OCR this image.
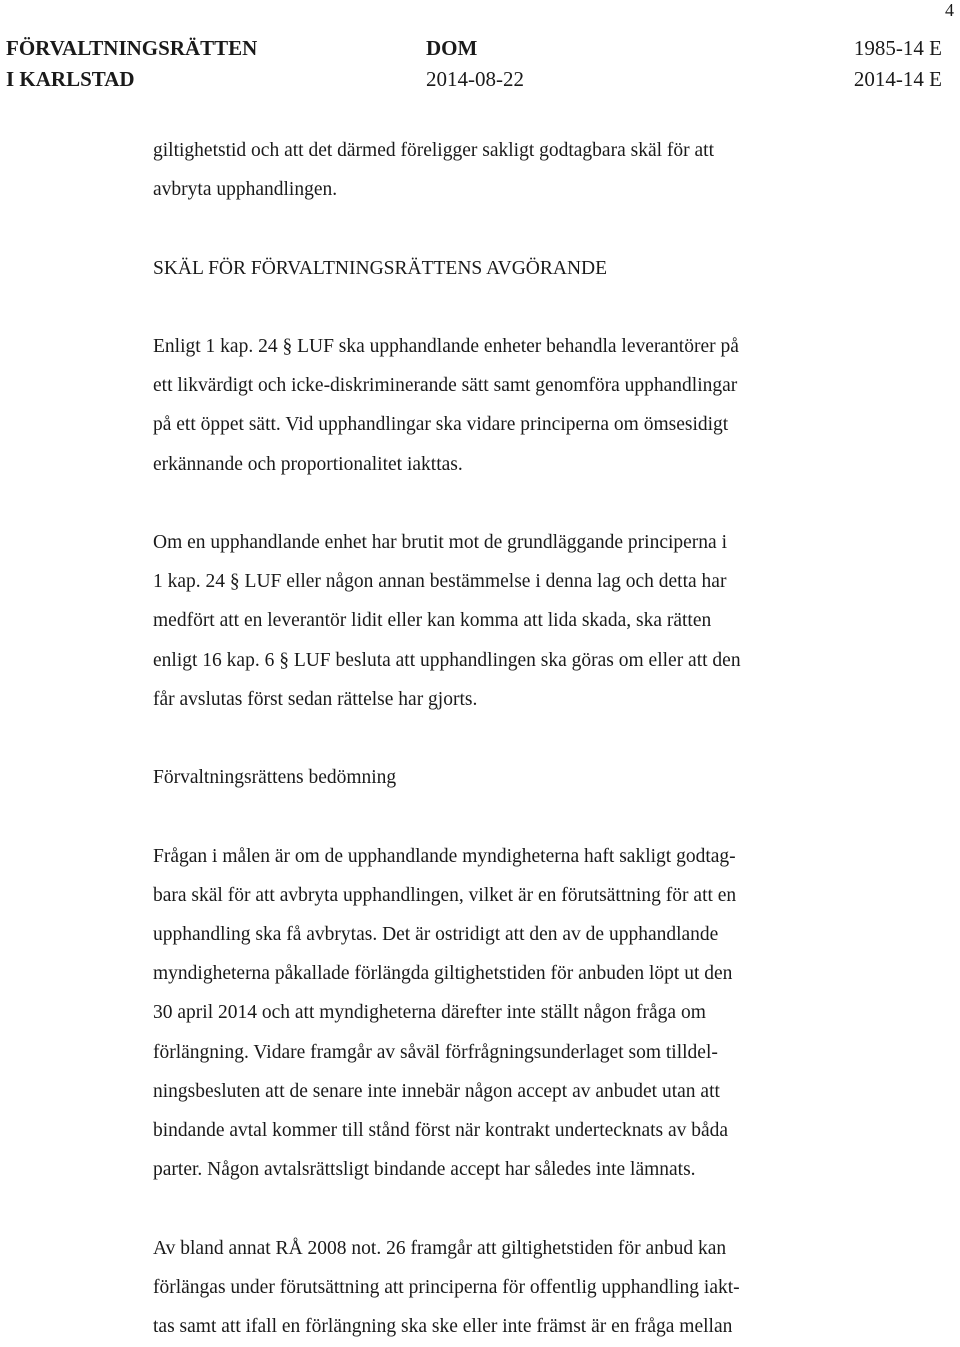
4
FÖRVALTNINGSRÄTTEN
I KARLSTAD
DOM
2014-08-22
1985-14 E
2014-14 E

giltighetstid och att det därmed föreligger sakligt godtagbara skäl för att
avbryta upphandlingen.

SKÄL FÖR FÖRVALTNINGSRÄTTENS AVGÖRANDE

Enligt 1 kap. 24 § LUF ska upphandlande enheter behandla leverantörer på
ett likvärdigt och icke-diskriminerande sätt samt genomföra upphandlingar
på ett öppet sätt. Vid upphandlingar ska vidare principerna om ömsesidigt
erkännande och proportionalitet iakttas.

Om en upphandlande enhet har brutit mot de grundläggande principerna i
1 kap. 24 § LUF eller någon annan bestämmelse i denna lag och detta har
medfört att en leverantör lidit eller kan komma att lida skada, ska rätten
enligt 16 kap. 6 § LUF besluta att upphandlingen ska göras om eller att den
får avslutas först sedan rättelse har gjorts.

Förvaltningsrättens bedömning

Frågan i målen är om de upphandlande myndigheterna haft sakligt godtag-
bara skäl för att avbryta upphandlingen, vilket är en förutsättning för att en
upphandling ska få avbrytas. Det är ostridigt att den av de upphandlande
myndigheterna påkallade förlängda giltighetstiden för anbuden löpt ut den
30 april 2014 och att myndigheterna därefter inte ställt någon fråga om
förlängning. Vidare framgår av såväl förfrågningsunderlaget som tilldel-
ningsbesluten att de senare inte innebär någon accept av anbudet utan att
bindande avtal kommer till stånd först när kontrakt undertecknats av båda
parter. Någon avtalsrättsligt bindande accept har således inte lämnats.

Av bland annat RÅ 2008 not. 26 framgår att giltighetstiden för anbud kan
förlängas under förutsättning att principerna för offentlig upphandling iakt-
tas samt att ifall en förlängning ska ske eller inte främst är en fråga mellan
